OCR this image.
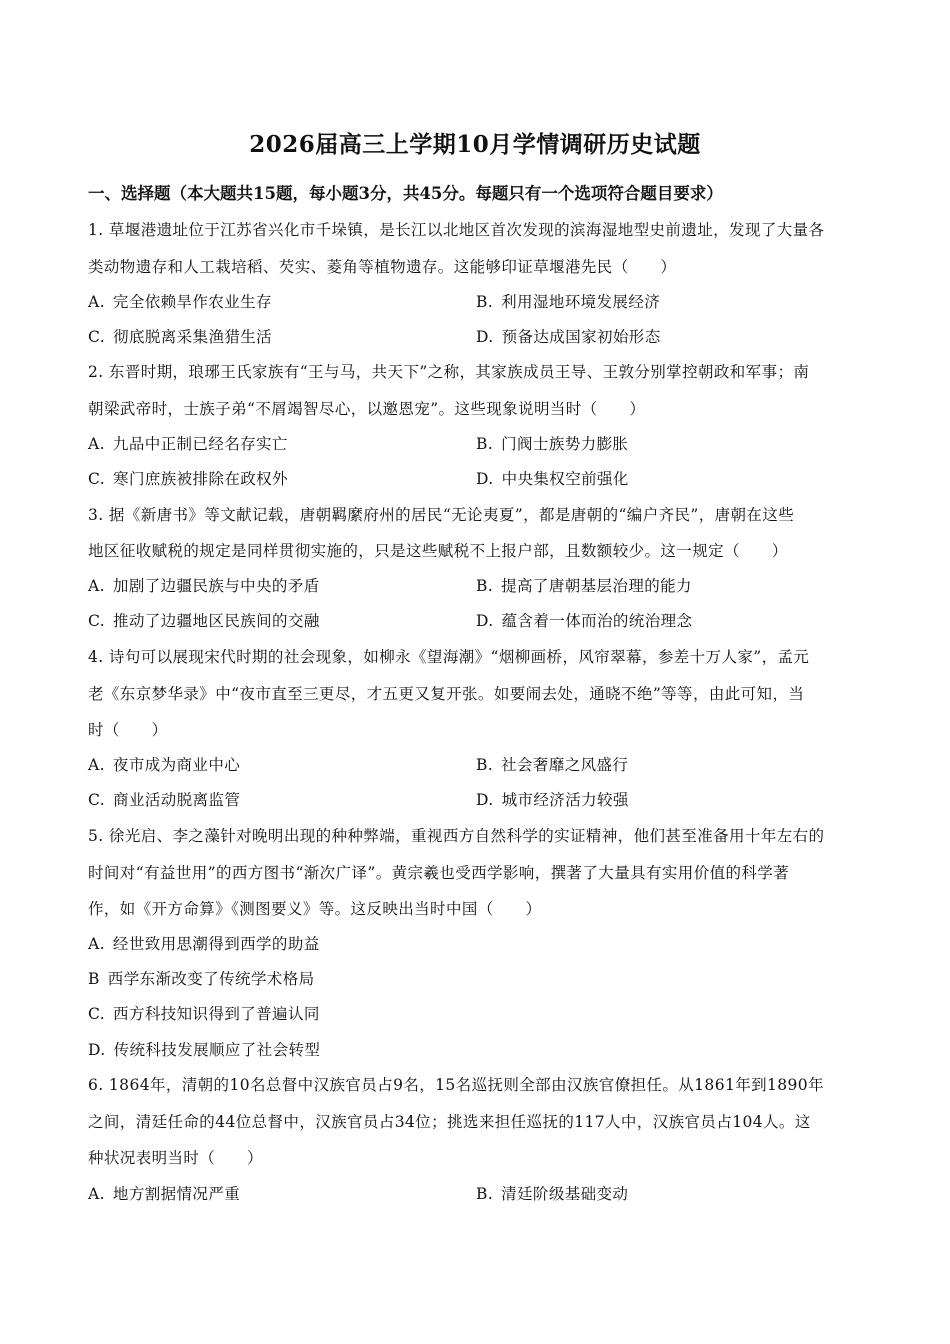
2026届高三上学期10月学情调研历史试题
一、选择题（本大题共15题，每小题3分，共45分。每题只有一个选项符合题目要求）
1. 草堰港遗址位于江苏省兴化市千垛镇，是长江以北地区首次发现的滨海湿地型史前遗址，发现了大量各
类动物遗存和人工栽培稻、芡实、菱角等植物遗存。这能够印证草堰港先民（　　）
A. 完全依赖旱作农业生存	B. 利用湿地环境发展经济
C. 彻底脱离采集渔猎生活	D. 预备达成国家初始形态
2. 东晋时期，琅琊王氏家族有“王与马，共天下”之称，其家族成员王导、王敦分别掌控朝政和军事；南
朝梁武帝时，士族子弟“不屑竭智尽心，以邀恩宠”。这些现象说明当时（　　）
A. 九品中正制已经名存实亡	B. 门阀士族势力膨胀
C. 寒门庶族被排除在政权外	D. 中央集权空前强化
3. 据《新唐书》等文献记载，唐朝羁縻府州的居民“无论夷夏”，都是唐朝的“编户齐民”，唐朝在这些
地区征收赋税的规定是同样贯彻实施的，只是这些赋税不上报户部，且数额较少。这一规定（　　）
A. 加剧了边疆民族与中央的矛盾	B. 提高了唐朝基层治理的能力
C. 推动了边疆地区民族间的交融	D. 蕴含着一体而治的统治理念
4. 诗句可以展现宋代时期的社会现象，如柳永《望海潮》“烟柳画桥，风帘翠幕，参差十万人家”，孟元
老《东京梦华录》中“夜市直至三更尽，才五更又复开张。如要闹去处，通晓不绝”等等，由此可知，当
时（　　）
A. 夜市成为商业中心	B. 社会奢靡之风盛行
C. 商业活动脱离监管	D. 城市经济活力较强
5. 徐光启、李之藻针对晚明出现的种种弊端，重视西方自然科学的实证精神，他们甚至准备用十年左右的
时间对“有益世用”的西方图书“渐次广译”。黄宗羲也受西学影响，撰著了大量具有实用价值的科学著
作，如《开方命算》《测图要义》等。这反映出当时中国（　　）
A. 经世致用思潮得到西学的助益
B 西学东渐改变了传统学术格局
C. 西方科技知识得到了普遍认同
D. 传统科技发展顺应了社会转型
6. 1864年，清朝的10名总督中汉族官员占9名，15名巡抚则全部由汉族官僚担任。从1861年到1890年
之间，清廷任命的44位总督中，汉族官员占34位；挑选来担任巡抚的117人中，汉族官员占104人。这
种状况表明当时（　　）
A. 地方割据情况严重	B. 清廷阶级基础变动
